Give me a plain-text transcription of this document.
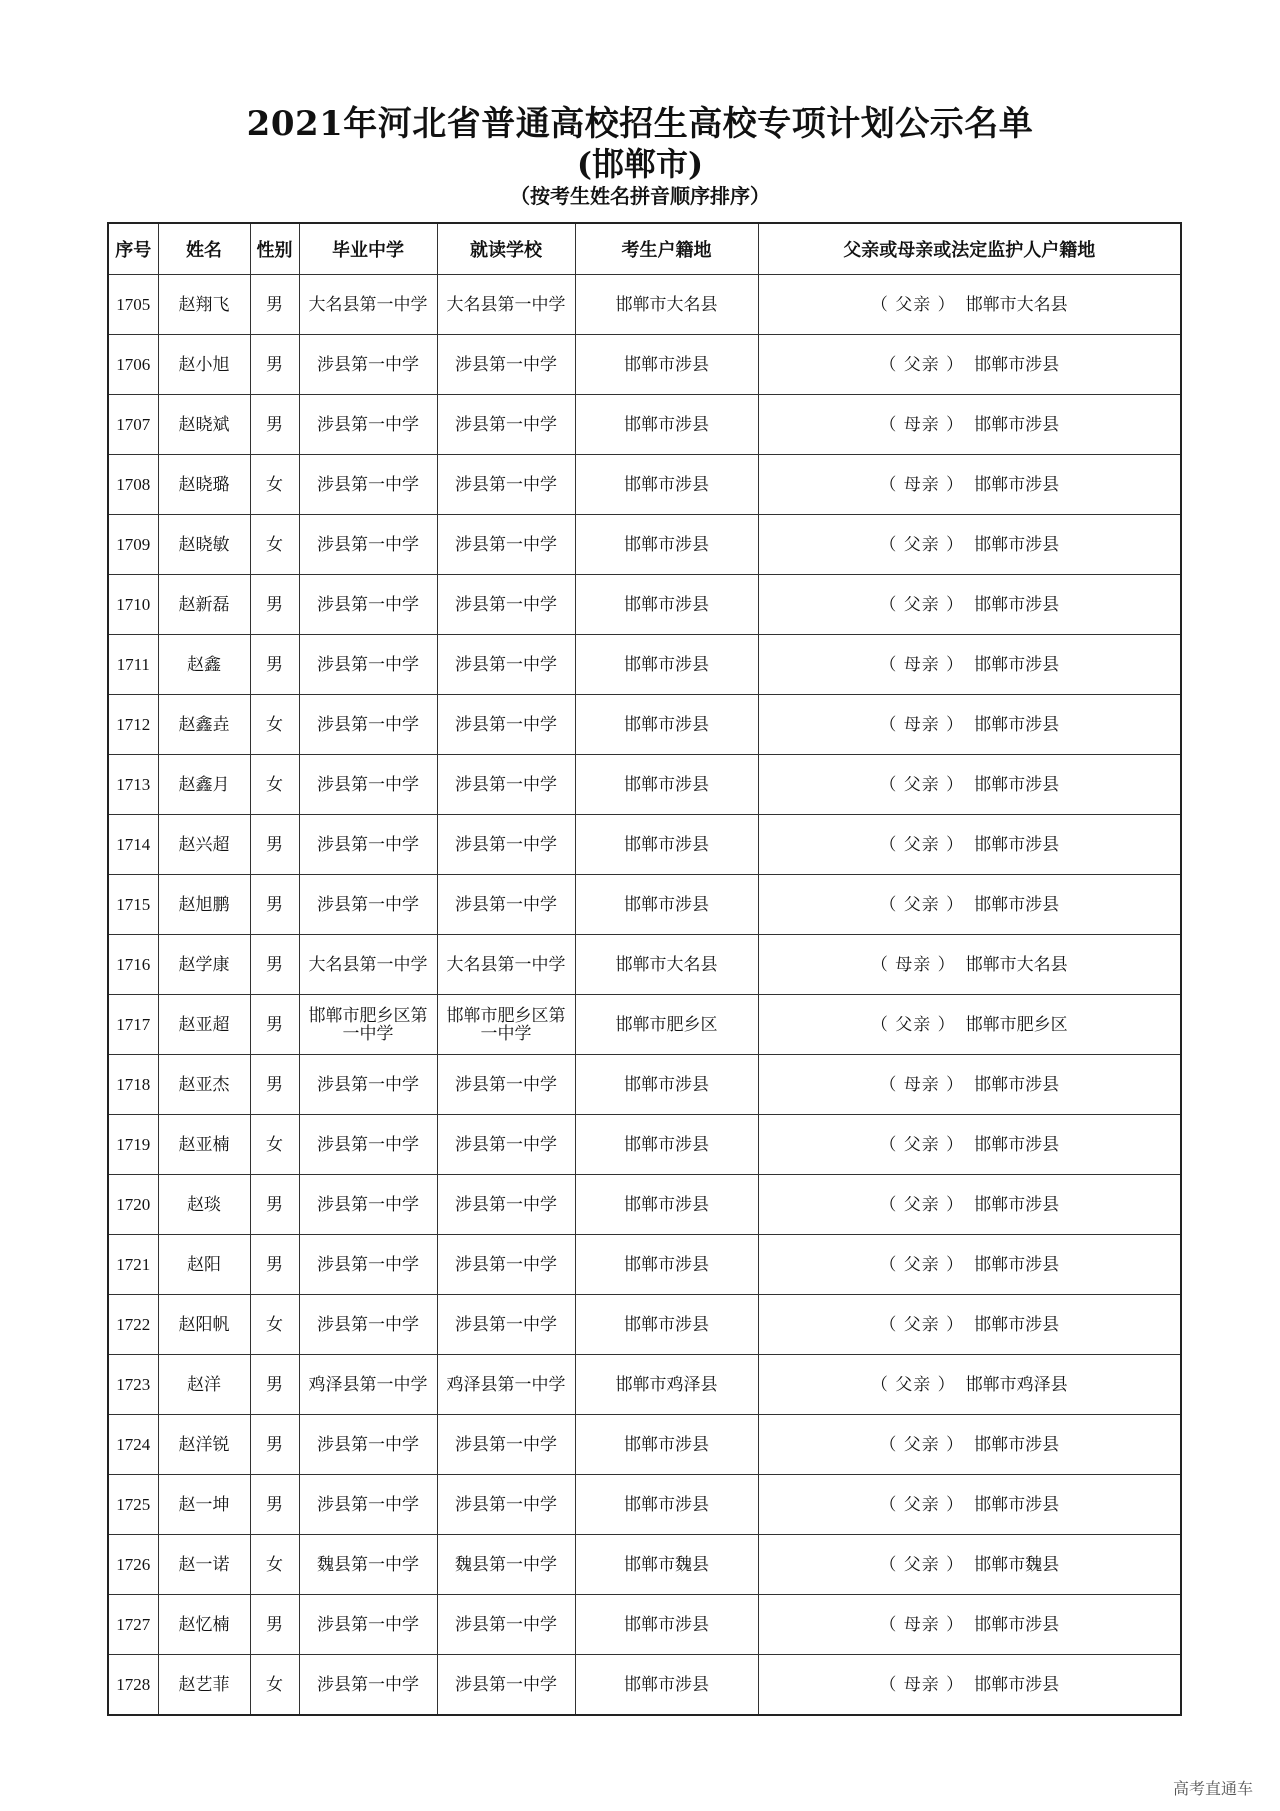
2021年河北省普通高校招生高校专项计划公示名单
(邯郸市)
（按考生姓名拼音顺序排序）
序号	姓名	性别	毕业中学	就读学校	考生户籍地	父亲或母亲或法定监护人户籍地
1705	赵翔飞	男	大名县第一中学	大名县第一中学	邯郸市大名县	（ 父亲 ） 邯郸市大名县
1706	赵小旭	男	涉县第一中学	涉县第一中学	邯郸市涉县	（ 父亲 ） 邯郸市涉县
1707	赵晓斌	男	涉县第一中学	涉县第一中学	邯郸市涉县	（ 母亲 ） 邯郸市涉县
1708	赵晓璐	女	涉县第一中学	涉县第一中学	邯郸市涉县	（ 母亲 ） 邯郸市涉县
1709	赵晓敏	女	涉县第一中学	涉县第一中学	邯郸市涉县	（ 父亲 ） 邯郸市涉县
1710	赵新磊	男	涉县第一中学	涉县第一中学	邯郸市涉县	（ 父亲 ） 邯郸市涉县
1711	赵鑫	男	涉县第一中学	涉县第一中学	邯郸市涉县	（ 母亲 ） 邯郸市涉县
1712	赵鑫垚	女	涉县第一中学	涉县第一中学	邯郸市涉县	（ 母亲 ） 邯郸市涉县
1713	赵鑫月	女	涉县第一中学	涉县第一中学	邯郸市涉县	（ 父亲 ） 邯郸市涉县
1714	赵兴超	男	涉县第一中学	涉县第一中学	邯郸市涉县	（ 父亲 ） 邯郸市涉县
1715	赵旭鹏	男	涉县第一中学	涉县第一中学	邯郸市涉县	（ 父亲 ） 邯郸市涉县
1716	赵学康	男	大名县第一中学	大名县第一中学	邯郸市大名县	（ 母亲 ） 邯郸市大名县
1717	赵亚超	男	邯郸市肥乡区第一中学	邯郸市肥乡区第一中学	邯郸市肥乡区	（ 父亲 ） 邯郸市肥乡区
1718	赵亚杰	男	涉县第一中学	涉县第一中学	邯郸市涉县	（ 母亲 ） 邯郸市涉县
1719	赵亚楠	女	涉县第一中学	涉县第一中学	邯郸市涉县	（ 父亲 ） 邯郸市涉县
1720	赵琰	男	涉县第一中学	涉县第一中学	邯郸市涉县	（ 父亲 ） 邯郸市涉县
1721	赵阳	男	涉县第一中学	涉县第一中学	邯郸市涉县	（ 父亲 ） 邯郸市涉县
1722	赵阳帆	女	涉县第一中学	涉县第一中学	邯郸市涉县	（ 父亲 ） 邯郸市涉县
1723	赵洋	男	鸡泽县第一中学	鸡泽县第一中学	邯郸市鸡泽县	（ 父亲 ） 邯郸市鸡泽县
1724	赵洋锐	男	涉县第一中学	涉县第一中学	邯郸市涉县	（ 父亲 ） 邯郸市涉县
1725	赵一坤	男	涉县第一中学	涉县第一中学	邯郸市涉县	（ 父亲 ） 邯郸市涉县
1726	赵一诺	女	魏县第一中学	魏县第一中学	邯郸市魏县	（ 父亲 ） 邯郸市魏县
1727	赵忆楠	男	涉县第一中学	涉县第一中学	邯郸市涉县	（ 母亲 ） 邯郸市涉县
1728	赵艺菲	女	涉县第一中学	涉县第一中学	邯郸市涉县	（ 母亲 ） 邯郸市涉县
高考直通车
